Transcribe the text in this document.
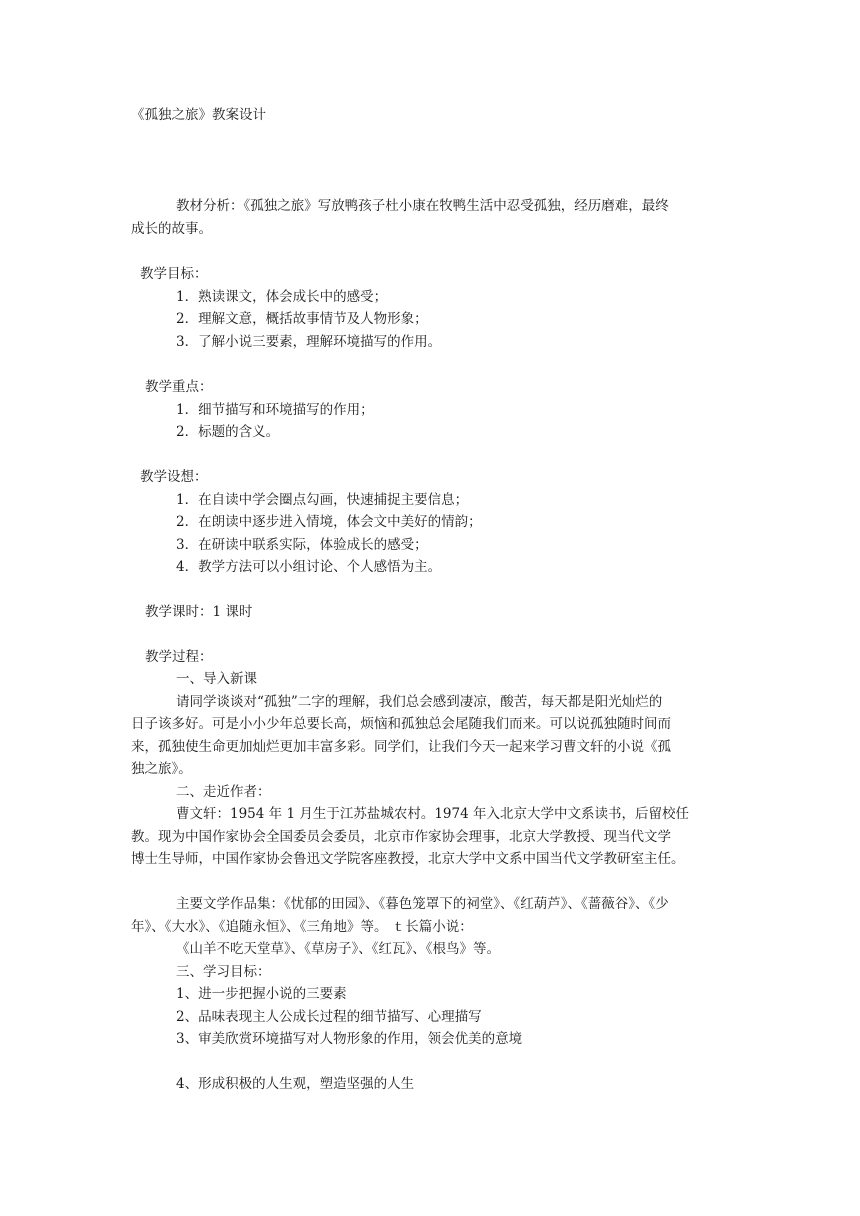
《孤独之旅》教案设计
教材分析：《孤独之旅》写放鸭孩子杜小康在牧鸭生活中忍受孤独，经历磨难，最终
成长的故事。
教学目标：
1．熟读课文，体会成长中的感受；
2．理解文意，概括故事情节及人物形象；
3．了解小说三要素，理解环境描写的作用。
教学重点：
1．细节描写和环境描写的作用；
2．标题的含义。
教学设想：
1．在自读中学会圈点勾画，快速捕捉主要信息；
2．在朗读中逐步进入情境，体会文中美好的情韵；
3．在研读中联系实际，体验成长的感受；
4．教学方法可以小组讨论、个人感悟为主。
教学课时：1 课时
教学过程：
一、导入新课
请同学谈谈对“孤独”二字的理解，我们总会感到凄凉，酸苦，每天都是阳光灿烂的
日子该多好。可是小小少年总要长高，烦恼和孤独总会尾随我们而来。可以说孤独随时间而
来，孤独使生命更加灿烂更加丰富多彩。同学们，让我们今天一起来学习曹文轩的小说《孤
独之旅》。
二、走近作者：
曹文轩：1954 年 1 月生于江苏盐城农村。1974 年入北京大学中文系读书，后留校任
教。现为中国作家协会全国委员会委员，北京市作家协会理事，北京大学教授、现当代文学
博士生导师，中国作家协会鲁迅文学院客座教授，北京大学中文系中国当代文学教研室主任。
主要文学作品集：《忧郁的田园》、《暮色笼罩下的祠堂》、《红葫芦》、《蔷薇谷》、《少
年》、《大水》、《追随永恒》、《三角地》等。 ｔ长篇小说：
《山羊不吃天堂草》、《草房子》、《红瓦》、《根鸟》等。
三、学习目标：
1、进一步把握小说的三要素
2、品味表现主人公成长过程的细节描写、心理描写
3、审美欣赏环境描写对人物形象的作用，领会优美的意境
4、形成积极的人生观，塑造坚强的人生
